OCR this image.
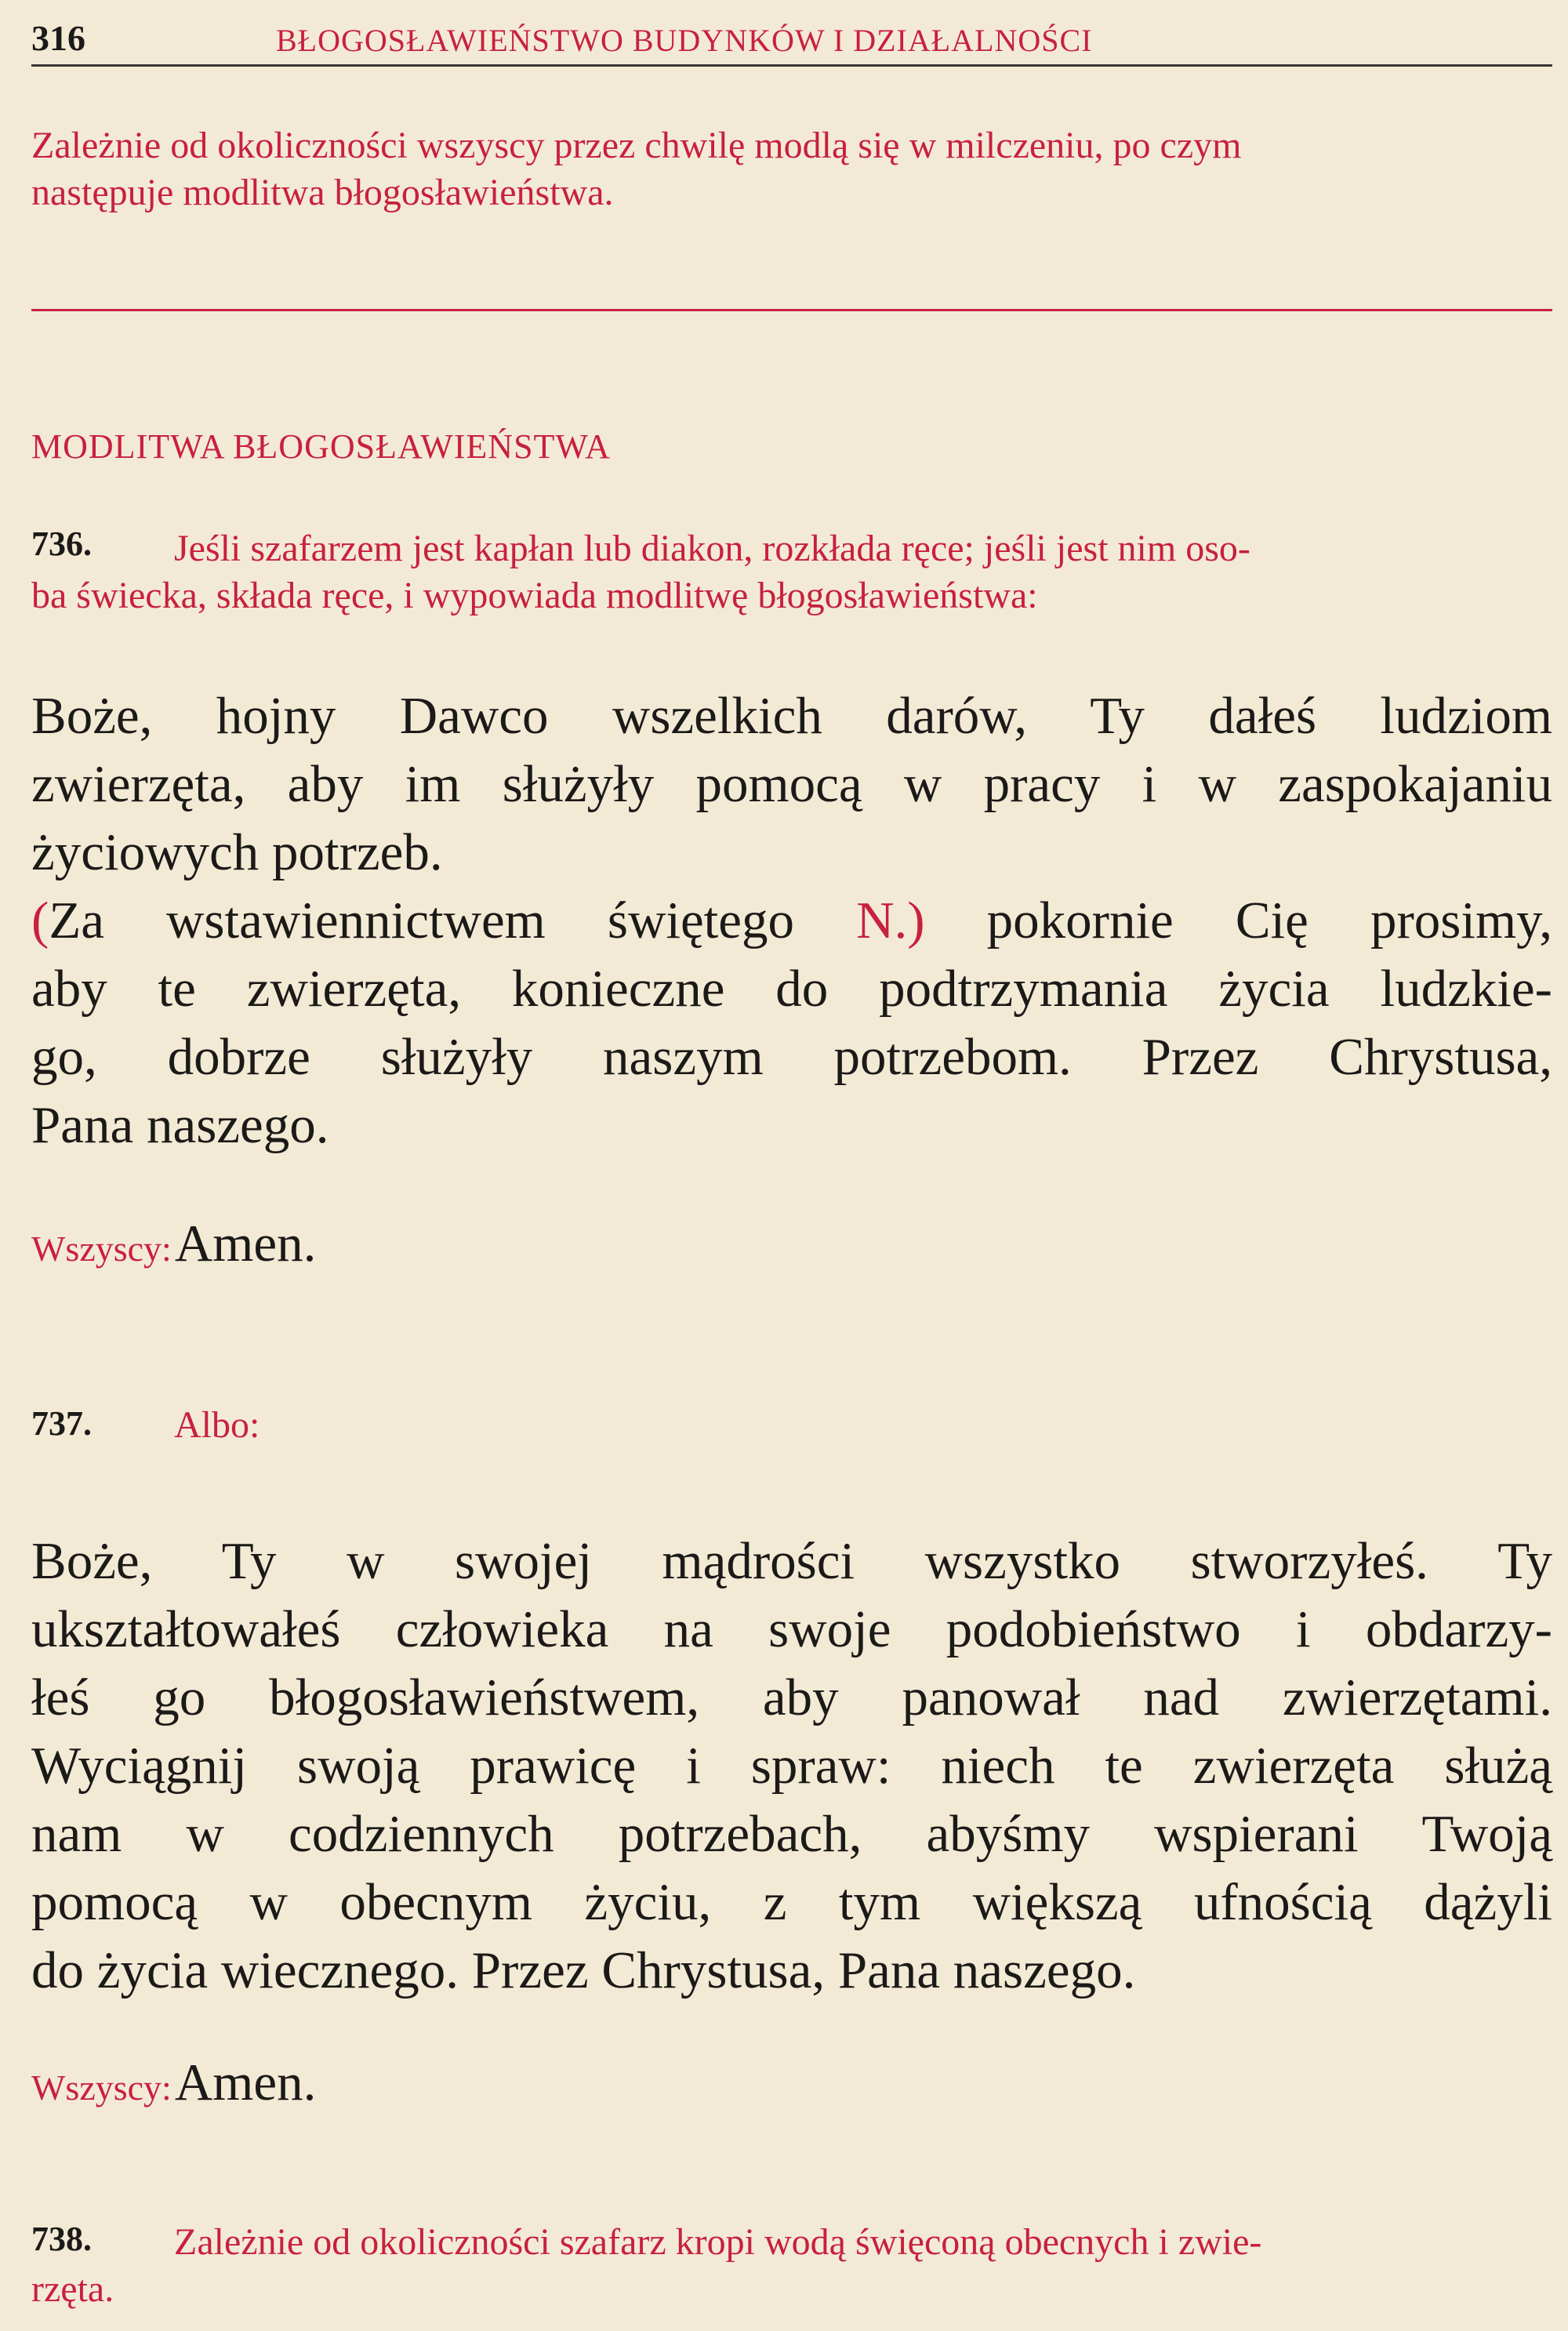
316	BŁOGOSŁAWIEŃSTWO BUDYNKÓW I DZIAŁALNOŚCI
Zależnie od okoliczności wszyscy przez chwilę modlą się w milczeniu, po czym
następuje modlitwa błogosławieństwa.
MODLITWA BŁOGOSŁAWIEŃSTWA
736. Jeśli szafarzem jest kapłan lub diakon, rozkłada ręce; jeśli jest nim oso-
ba świecka, składa ręce, i wypowiada modlitwę błogosławieństwa:
Boże, hojny Dawco wszelkich darów, Ty dałeś ludziom
zwierzęta, aby im służyły pomocą w pracy i w zaspokajaniu
życiowych potrzeb.
(Za wstawiennictwem świętego N.) pokornie Cię prosimy,
aby te zwierzęta, konieczne do podtrzymania życia ludzkie-
go, dobrze służyły naszym potrzebom. Przez Chrystusa,
Pana naszego.
Wszyscy: Amen.
737. Albo:
Boże, Ty w swojej mądrości wszystko stworzyłeś. Ty
ukształtowałeś człowieka na swoje podobieństwo i obdarzy-
łeś go błogosławieństwem, aby panował nad zwierzętami.
Wyciągnij swoją prawicę i spraw: niech te zwierzęta służą
nam w codziennych potrzebach, abyśmy wspierani Twoją
pomocą w obecnym życiu, z tym większą ufnością dążyli
do życia wiecznego. Przez Chrystusa, Pana naszego.
Wszyscy: Amen.
738. Zależnie od okoliczności szafarz kropi wodą święconą obecnych i zwie-
rzęta.
